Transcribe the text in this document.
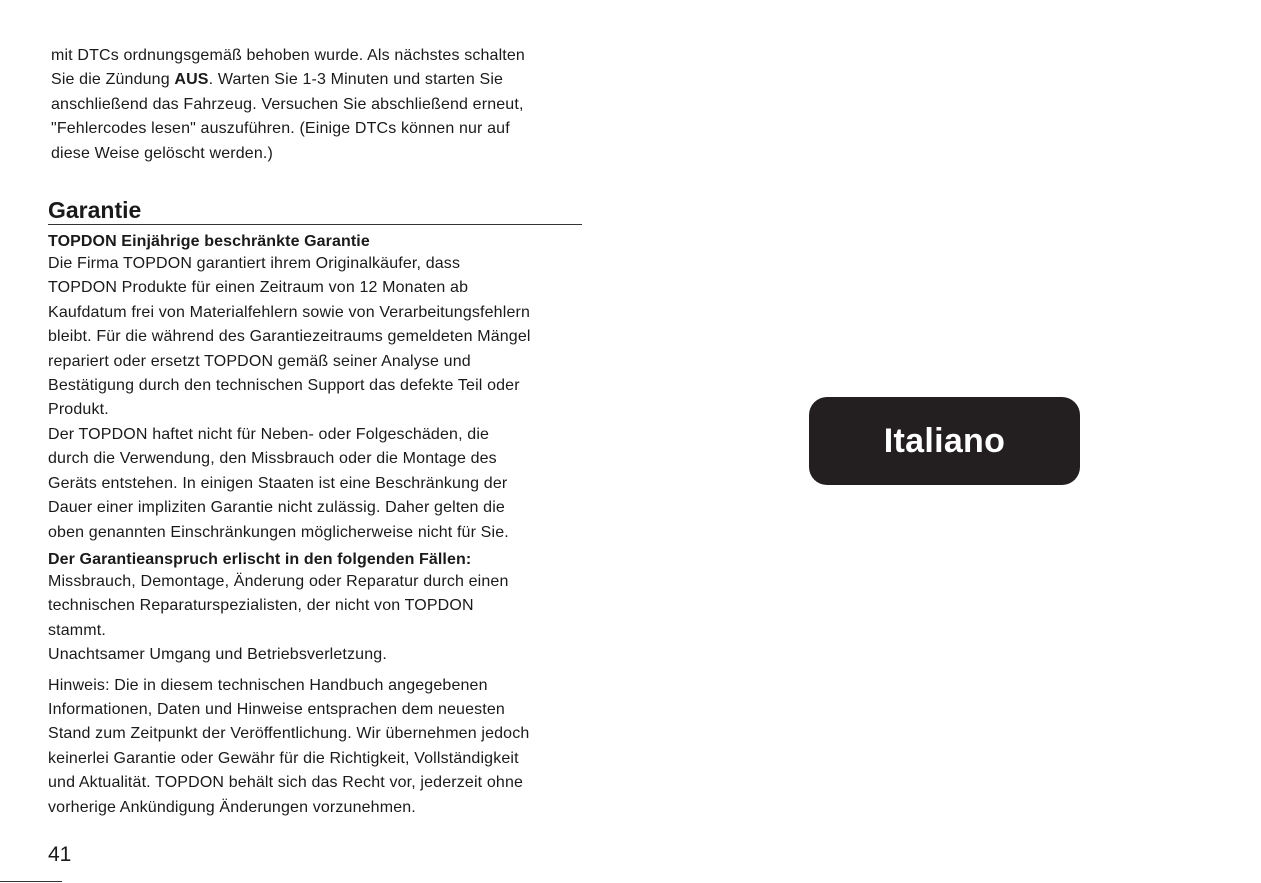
mit DTCs ordnungsgemäß behoben wurde. Als nächstes schalten

Sie die Zündung AUS. Warten Sie 1-3 Minuten und starten Sie

anschließend das Fahrzeug. Versuchen Sie abschließend erneut,

"Fehlercodes lesen" auszuführen. (Einige DTCs können nur auf

diese Weise gelöscht werden.)

Garantie
TOPDON Einjährige beschränkte Garantie

Die Firma TOPDON garantiert ihrem Originalkäufer, dass

TOPDON Produkte für einen Zeitraum von 12 Monaten ab

Kaufdatum frei von Materialfehlern sowie von Verarbeitungsfehlern

bleibt. Für die während des Garantiezeitraums gemeldeten Mängel

repariert oder ersetzt TOPDON gemäß seiner Analyse und

Bestätigung durch den technischen Support das defekte Teil oder

Produkt.

Der TOPDON haftet nicht für Neben- oder Folgeschäden, die

durch die Verwendung, den Missbrauch oder die Montage des

Geräts entstehen. In einigen Staaten ist eine Beschränkung der

Dauer einer impliziten Garantie nicht zulässig. Daher gelten die

oben genannten Einschränkungen möglicherweise nicht für Sie.

Der Garantieanspruch erlischt in den folgenden Fällen:

Missbrauch, Demontage, Änderung oder Reparatur durch einen

technischen Reparaturspezialisten, der nicht von TOPDON

stammt.

Unachtsamer Umgang und Betriebsverletzung.

Hinweis: Die in diesem technischen Handbuch angegebenen

Informationen, Daten und Hinweise entsprachen dem neuesten

Stand zum Zeitpunkt der Veröffentlichung. Wir übernehmen jedoch

keinerlei Garantie oder Gewähr für die Richtigkeit, Vollständigkeit

und Aktualität. TOPDON behält sich das Recht vor, jederzeit ohne

vorherige Ankündigung Änderungen vorzunehmen.

41
Italiano
